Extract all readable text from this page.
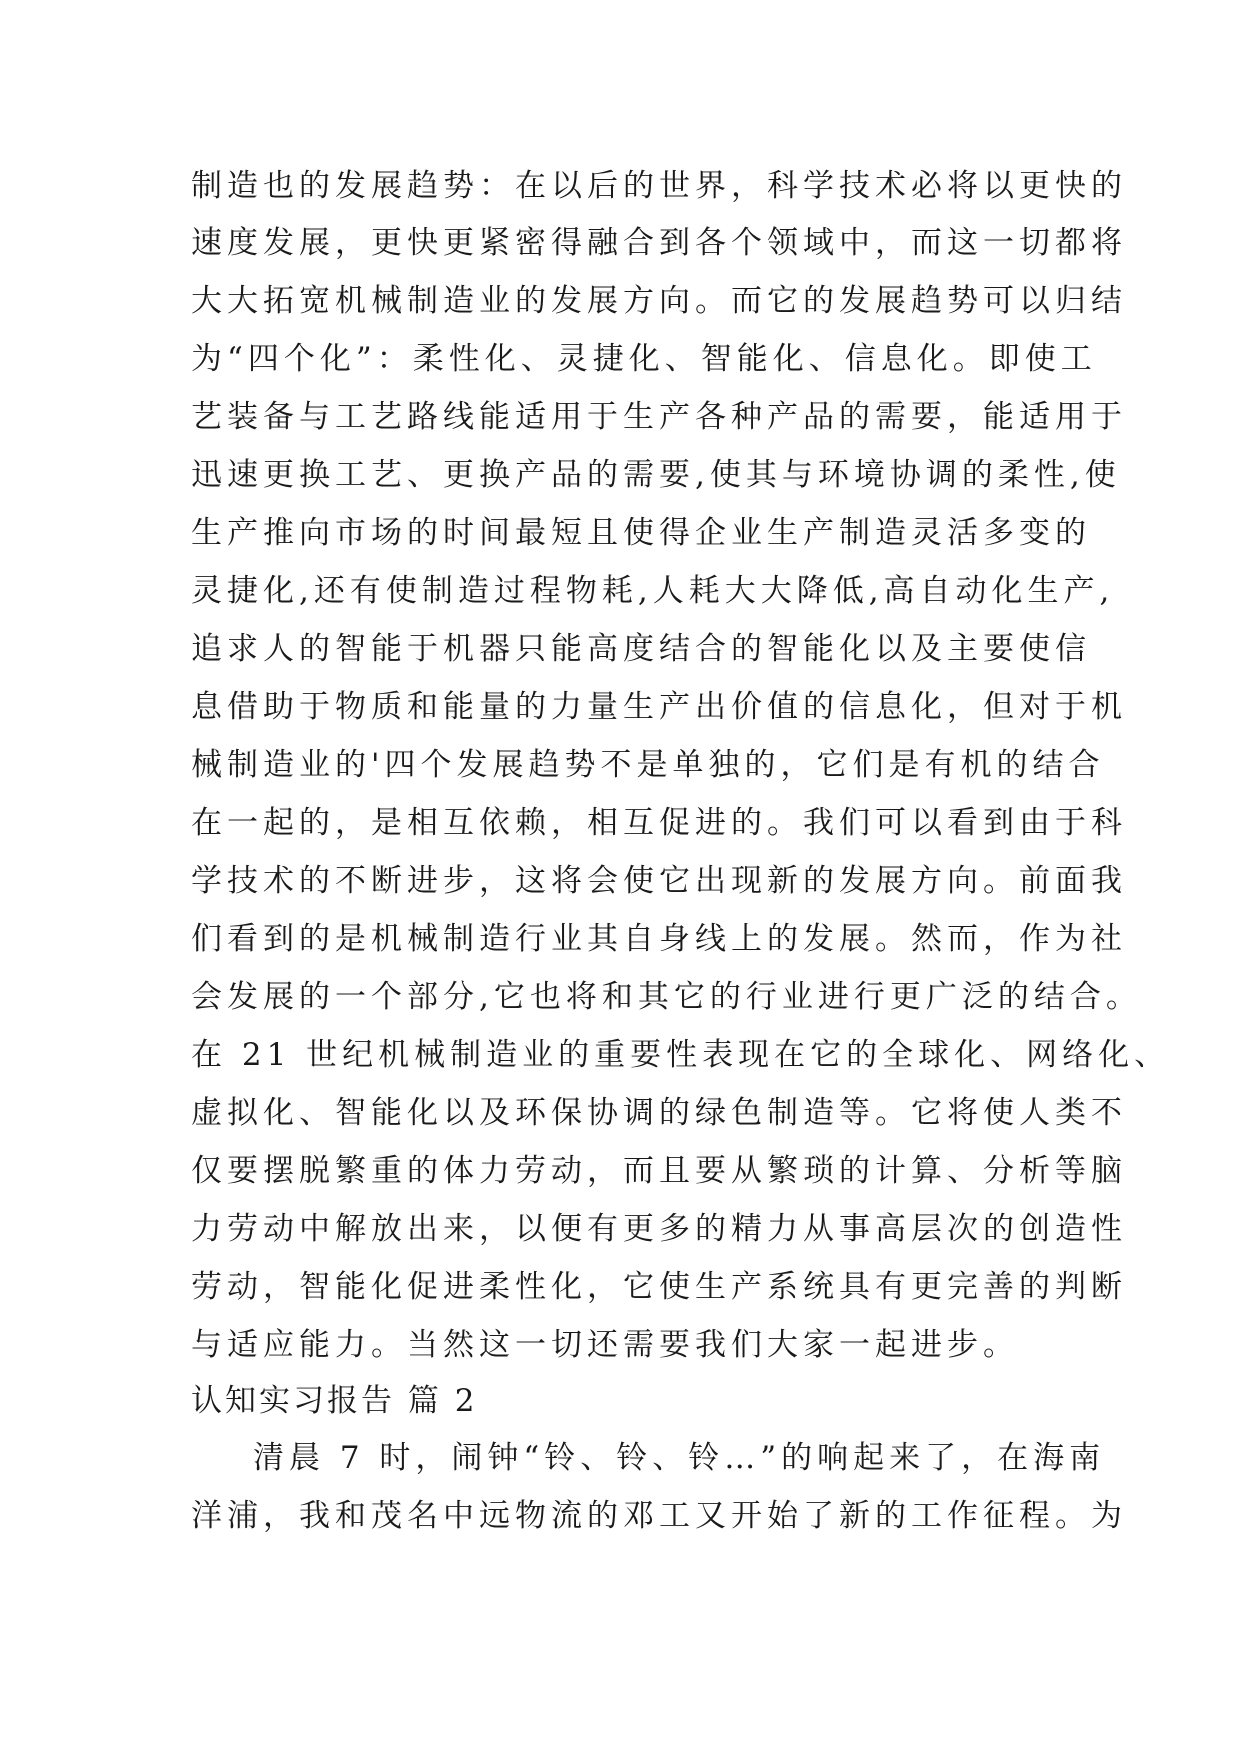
制造也的发展趋势：在以后的世界，科学技术必将以更快的
速度发展，更快更紧密得融合到各个领域中，而这一切都将
大大拓宽机械制造业的发展方向。而它的发展趋势可以归结
为“四个化”：柔性化、灵捷化、智能化、信息化。即使工
艺装备与工艺路线能适用于生产各种产品的需要，能适用于
迅速更换工艺、更换产品的需要,使其与环境协调的柔性,使
生产推向市场的时间最短且使得企业生产制造灵活多变的
灵捷化,还有使制造过程物耗,人耗大大降低,高自动化生产,
追求人的智能于机器只能高度结合的智能化以及主要使信
息借助于物质和能量的力量生产出价值的信息化，但对于机
械制造业的'四个发展趋势不是单独的，它们是有机的结合
在一起的，是相互依赖，相互促进的。我们可以看到由于科
学技术的不断进步，这将会使它出现新的发展方向。前面我
们看到的是机械制造行业其自身线上的发展。然而，作为社
会发展的一个部分,它也将和其它的行业进行更广泛的结合。
在 21 世纪机械制造业的重要性表现在它的全球化、网络化、
虚拟化、智能化以及环保协调的绿色制造等。它将使人类不
仅要摆脱繁重的体力劳动，而且要从繁琐的计算、分析等脑
力劳动中解放出来，以便有更多的精力从事高层次的创造性
劳动，智能化促进柔性化，它使生产系统具有更完善的判断
与适应能力。当然这一切还需要我们大家一起进步。
认知实习报告 篇 2
清晨 7 时，闹钟“铃、铃、铃…”的响起来了，在海南
洋浦，我和茂名中远物流的邓工又开始了新的工作征程。为
